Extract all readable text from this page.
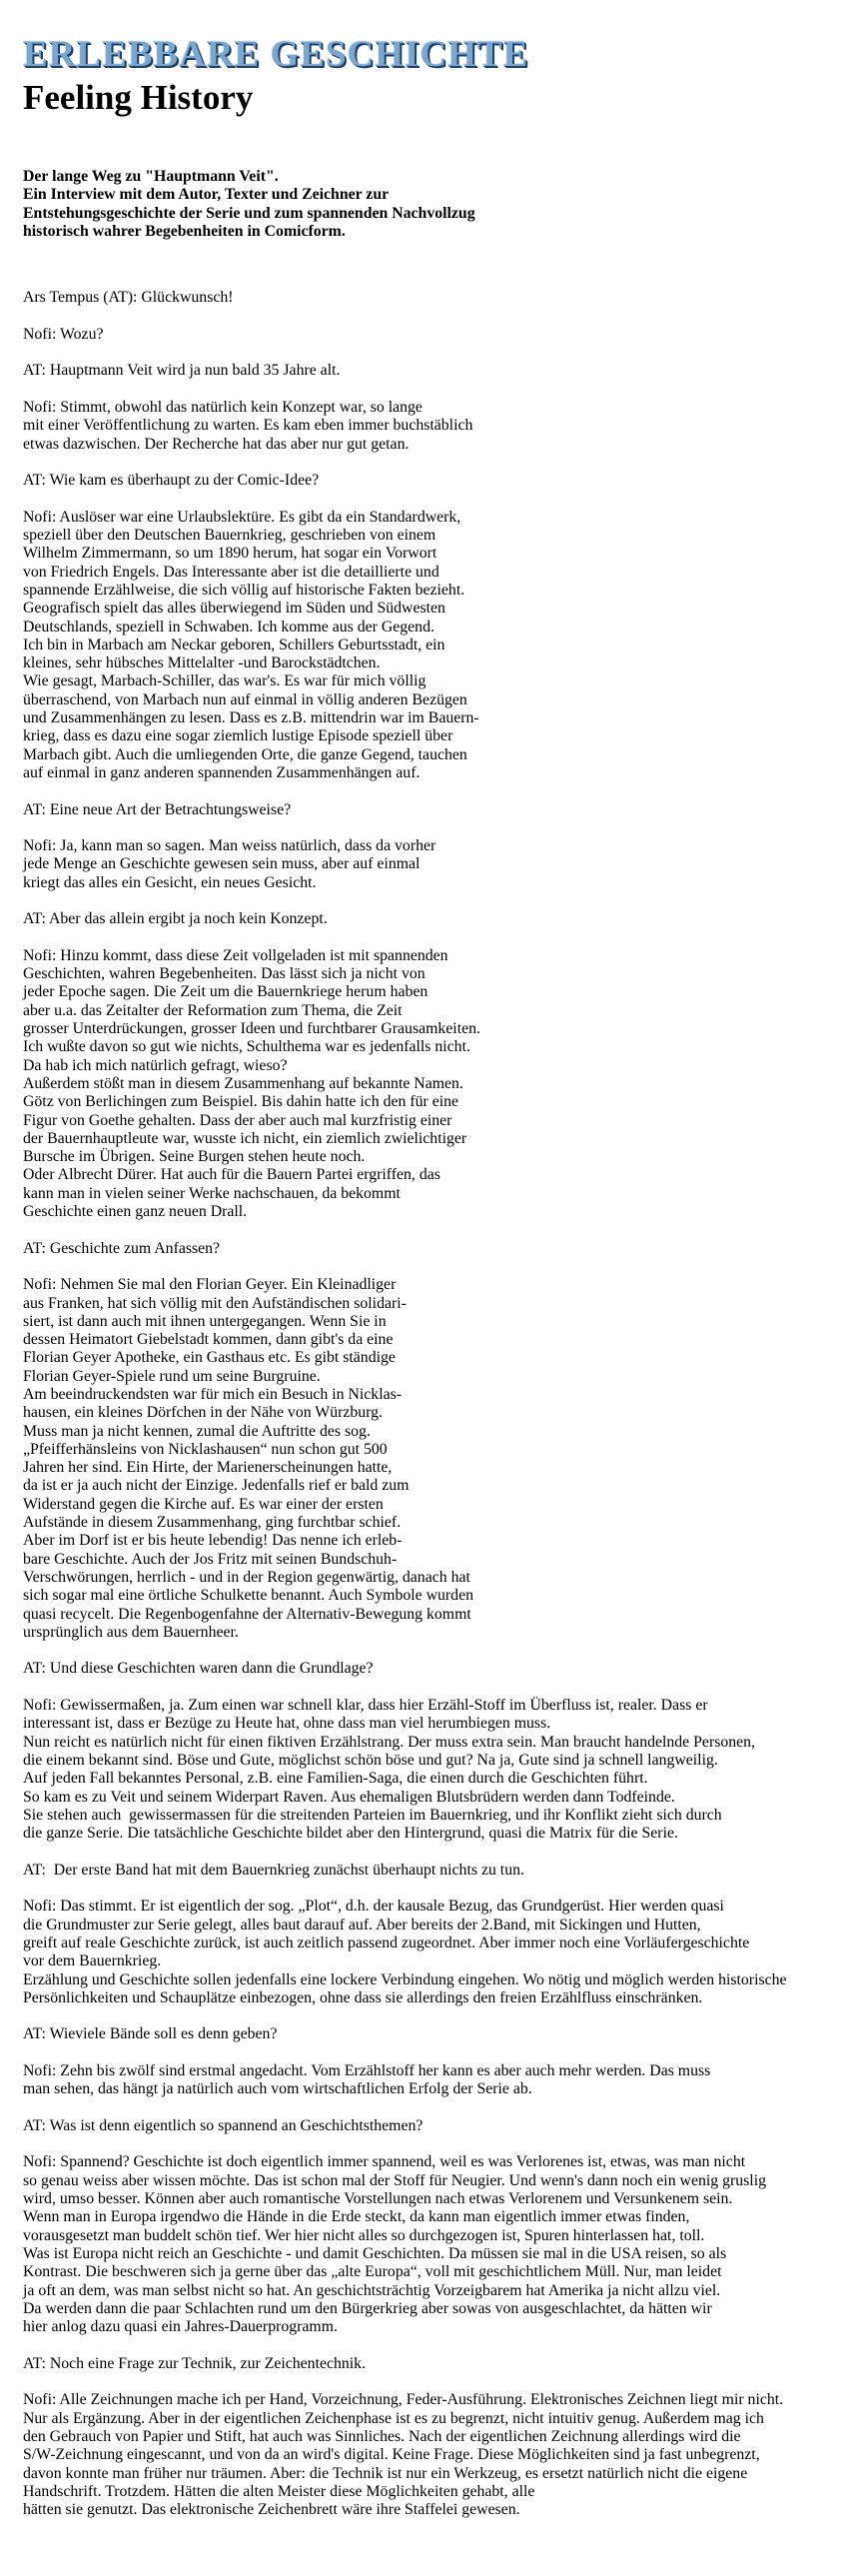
ERLEBBARE GESCHICHTE
Feeling History
Der lange Weg zu "Hauptmann Veit".
Ein Interview mit dem Autor, Texter und Zeichner zur
Entstehungsgeschichte der Serie und zum spannenden Nachvollzug
historisch wahrer Begebenheiten in Comicform.
Ars Tempus (AT): Glückwunsch!
Nofi: Wozu?
AT: Hauptmann Veit wird ja nun bald 35 Jahre alt.
Nofi: Stimmt, obwohl das natürlich kein Konzept war, so lange
mit einer Veröffentlichung zu warten. Es kam eben immer buchstäblich
etwas dazwischen. Der Recherche hat das aber nur gut getan.
AT: Wie kam es überhaupt zu der Comic-Idee?
Nofi: Auslöser war eine Urlaubslektüre. Es gibt da ein Standardwerk,
speziell über den Deutschen Bauernkrieg, geschrieben von einem
Wilhelm Zimmermann, so um 1890 herum, hat sogar ein Vorwort
von Friedrich Engels. Das Interessante aber ist die detaillierte und
spannende Erzählweise, die sich völlig auf historische Fakten bezieht.
Geografisch spielt das alles überwiegend im Süden und Südwesten
Deutschlands, speziell in Schwaben. Ich komme aus der Gegend.
Ich bin in Marbach am Neckar geboren, Schillers Geburtsstadt, ein
kleines, sehr hübsches Mittelalter -und Barockstädtchen.
Wie gesagt, Marbach-Schiller, das war's. Es war für mich völlig
überraschend, von Marbach nun auf einmal in völlig anderen Bezügen
und Zusammenhängen zu lesen. Dass es z.B. mittendrin war im Bauern-
krieg, dass es dazu eine sogar ziemlich lustige Episode speziell über
Marbach gibt. Auch die umliegenden Orte, die ganze Gegend, tauchen
auf einmal in ganz anderen spannenden Zusammenhängen auf.
AT: Eine neue Art der Betrachtungsweise?
Nofi: Ja, kann man so sagen. Man weiss natürlich, dass da vorher
jede Menge an Geschichte gewesen sein muss, aber auf einmal
kriegt das alles ein Gesicht, ein neues Gesicht.
AT: Aber das allein ergibt ja noch kein Konzept.
Nofi: Hinzu kommt, dass diese Zeit vollgeladen ist mit spannenden
Geschichten, wahren Begebenheiten. Das lässt sich ja nicht von
jeder Epoche sagen. Die Zeit um die Bauernkriege herum haben
aber u.a. das Zeitalter der Reformation zum Thema, die Zeit
grosser Unterdrückungen, grosser Ideen und furchtbarer Grausamkeiten.
Ich wußte davon so gut wie nichts, Schulthema war es jedenfalls nicht.
Da hab ich mich natürlich gefragt, wieso?
Außerdem stößt man in diesem Zusammenhang auf bekannte Namen.
Götz von Berlichingen zum Beispiel. Bis dahin hatte ich den für eine
Figur von Goethe gehalten. Dass der aber auch mal kurzfristig einer
der Bauernhauptleute war, wusste ich nicht, ein ziemlich zwielichtiger
Bursche im Übrigen. Seine Burgen stehen heute noch.
Oder Albrecht Dürer. Hat auch für die Bauern Partei ergriffen, das
kann man in vielen seiner Werke nachschauen, da bekommt
Geschichte einen ganz neuen Drall.
AT: Geschichte zum Anfassen?
Nofi: Nehmen Sie mal den Florian Geyer. Ein Kleinadliger
aus Franken, hat sich völlig mit den Aufständischen solidari-
siert, ist dann auch mit ihnen untergegangen. Wenn Sie in
dessen Heimatort Giebelstadt kommen, dann gibt's da eine
Florian Geyer Apotheke, ein Gasthaus etc. Es gibt ständige
Florian Geyer-Spiele rund um seine Burgruine.
Am beeindruckendsten war für mich ein Besuch in Nicklas-
hausen, ein kleines Dörfchen in der Nähe von Würzburg.
Muss man ja nicht kennen, zumal die Auftritte des sog.
„Pfeifferhänsleins von Nicklashausen“ nun schon gut 500
Jahren her sind. Ein Hirte, der Marienerscheinungen hatte,
da ist er ja auch nicht der Einzige. Jedenfalls rief er bald zum
Widerstand gegen die Kirche auf. Es war einer der ersten
Aufstände in diesem Zusammenhang, ging furchtbar schief.
Aber im Dorf ist er bis heute lebendig! Das nenne ich erleb-
bare Geschichte. Auch der Jos Fritz mit seinen Bundschuh-
Verschwörungen, herrlich - und in der Region gegenwärtig, danach hat
sich sogar mal eine örtliche Schulkette benannt. Auch Symbole wurden
quasi recycelt. Die Regenbogenfahne der Alternativ-Bewegung kommt
ursprünglich aus dem Bauernheer.
AT: Und diese Geschichten waren dann die Grundlage?
Nofi: Gewissermaßen, ja. Zum einen war schnell klar, dass hier Erzähl-Stoff im Überfluss ist, realer. Dass er
interessant ist, dass er Bezüge zu Heute hat, ohne dass man viel herumbiegen muss.
Nun reicht es natürlich nicht für einen fiktiven Erzählstrang. Der muss extra sein. Man braucht handelnde Personen,
die einem bekannt sind. Böse und Gute, möglichst schön böse und gut? Na ja, Gute sind ja schnell langweilig.
Auf jeden Fall bekanntes Personal, z.B. eine Familien-Saga, die einen durch die Geschichten führt.
So kam es zu Veit und seinem Widerpart Raven. Aus ehemaligen Blutsbrüdern werden dann Todfeinde.
Sie stehen auch  gewissermassen für die streitenden Parteien im Bauernkrieg, und ihr Konflikt zieht sich durch
die ganze Serie. Die tatsächliche Geschichte bildet aber den Hintergrund, quasi die Matrix für die Serie.
AT:  Der erste Band hat mit dem Bauernkrieg zunächst überhaupt nichts zu tun.
Nofi: Das stimmt. Er ist eigentlich der sog. „Plot“, d.h. der kausale Bezug, das Grundgerüst. Hier werden quasi
die Grundmuster zur Serie gelegt, alles baut darauf auf. Aber bereits der 2.Band, mit Sickingen und Hutten,
greift auf reale Geschichte zurück, ist auch zeitlich passend zugeordnet. Aber immer noch eine Vorläufergeschichte
vor dem Bauernkrieg.
Erzählung und Geschichte sollen jedenfalls eine lockere Verbindung eingehen. Wo nötig und möglich werden historische
Persönlichkeiten und Schauplätze einbezogen, ohne dass sie allerdings den freien Erzählfluss einschränken.
AT: Wieviele Bände soll es denn geben?
Nofi: Zehn bis zwölf sind erstmal angedacht. Vom Erzählstoff her kann es aber auch mehr werden. Das muss
man sehen, das hängt ja natürlich auch vom wirtschaftlichen Erfolg der Serie ab.
AT: Was ist denn eigentlich so spannend an Geschichtsthemen?
Nofi: Spannend? Geschichte ist doch eigentlich immer spannend, weil es was Verlorenes ist, etwas, was man nicht
so genau weiss aber wissen möchte. Das ist schon mal der Stoff für Neugier. Und wenn's dann noch ein wenig gruslig
wird, umso besser. Können aber auch romantische Vorstellungen nach etwas Verlorenem und Versunkenem sein.
Wenn man in Europa irgendwo die Hände in die Erde steckt, da kann man eigentlich immer etwas finden,
vorausgesetzt man buddelt schön tief. Wer hier nicht alles so durchgezogen ist, Spuren hinterlassen hat, toll.
Was ist Europa nicht reich an Geschichte - und damit Geschichten. Da müssen sie mal in die USA reisen, so als
Kontrast. Die beschweren sich ja gerne über das „alte Europa“, voll mit geschichtlichem Müll. Nur, man leidet
ja oft an dem, was man selbst nicht so hat. An geschichtsträchtig Vorzeigbarem hat Amerika ja nicht allzu viel.
Da werden dann die paar Schlachten rund um den Bürgerkrieg aber sowas von ausgeschlachtet, da hätten wir
hier anlog dazu quasi ein Jahres-Dauerprogramm.
AT: Noch eine Frage zur Technik, zur Zeichentechnik.
Nofi: Alle Zeichnungen mache ich per Hand, Vorzeichnung, Feder-Ausführung. Elektronisches Zeichnen liegt mir nicht.
Nur als Ergänzung. Aber in der eigentlichen Zeichenphase ist es zu begrenzt, nicht intuitiv genug. Außerdem mag ich
den Gebrauch von Papier und Stift, hat auch was Sinnliches. Nach der eigentlichen Zeichnung allerdings wird die
S/W-Zeichnung eingescannt, und von da an wird's digital. Keine Frage. Diese Möglichkeiten sind ja fast unbegrenzt,
davon konnte man früher nur träumen. Aber: die Technik ist nur ein Werkzeug, es ersetzt natürlich nicht die eigene
Handschrift. Trotzdem. Hätten die alten Meister diese Möglichkeiten gehabt, alle
hätten sie genutzt. Das elektronische Zeichenbrett wäre ihre Staffelei gewesen.
